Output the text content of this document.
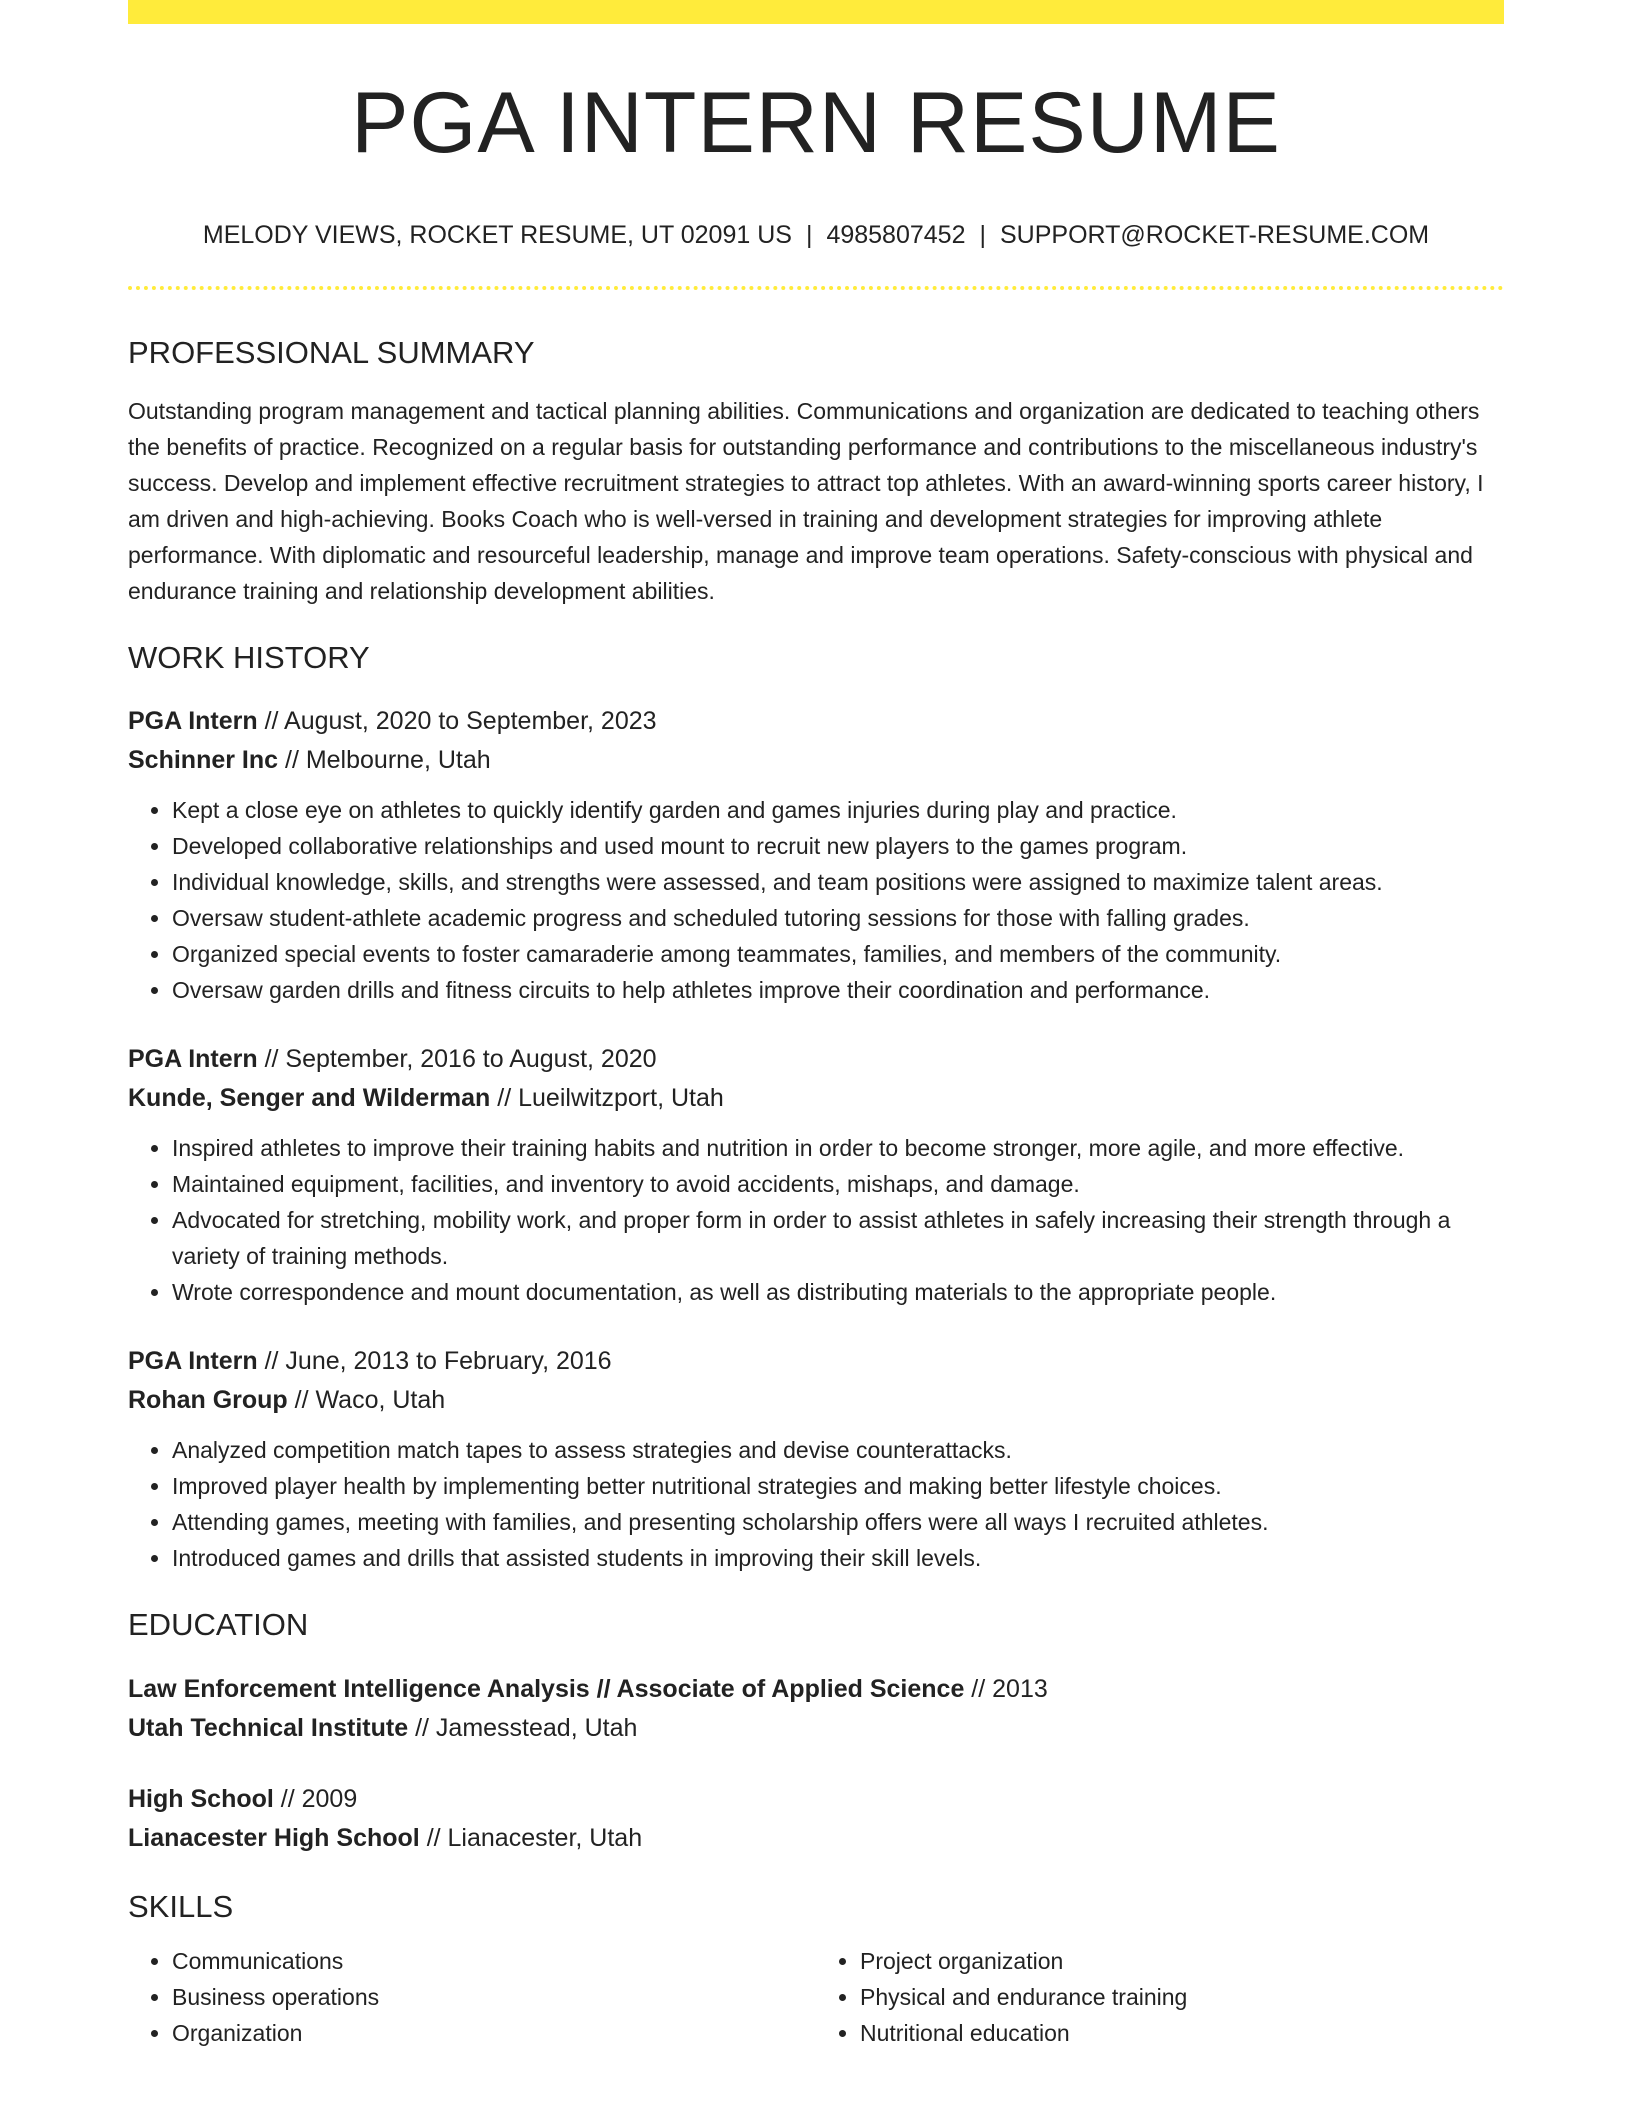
PGA INTERN RESUME
MELODY VIEWS, ROCKET RESUME, UT 02091 US | 4985807452 | SUPPORT@ROCKET-RESUME.COM
PROFESSIONAL SUMMARY

Outstanding program management and tactical planning abilities. Communications and organization are dedicated to teaching others the benefits of practice. Recognized on a regular basis for outstanding performance and contributions to the miscellaneous industry's success. Develop and implement effective recruitment strategies to attract top athletes. With an award-winning sports career history, I am driven and high-achieving. Books Coach who is well-versed in training and development strategies for improving athlete performance. With diplomatic and resourceful leadership, manage and improve team operations. Safety-conscious with physical and endurance training and relationship development abilities.

WORK HISTORY
PGA Intern // August, 2020 to September, 2023
Schinner Inc // Melbourne, Utah
• Kept a close eye on athletes to quickly identify garden and games injuries during play and practice.
• Developed collaborative relationships and used mount to recruit new players to the games program.
• Individual knowledge, skills, and strengths were assessed, and team positions were assigned to maximize talent areas.
• Oversaw student-athlete academic progress and scheduled tutoring sessions for those with falling grades.
• Organized special events to foster camaraderie among teammates, families, and members of the community.
• Oversaw garden drills and fitness circuits to help athletes improve their coordination and performance.
PGA Intern // September, 2016 to August, 2020
Kunde, Senger and Wilderman // Lueilwitzport, Utah
• Inspired athletes to improve their training habits and nutrition in order to become stronger, more agile, and more effective.
• Maintained equipment, facilities, and inventory to avoid accidents, mishaps, and damage.
• Advocated for stretching, mobility work, and proper form in order to assist athletes in safely increasing their strength through a variety of training methods.
• Wrote correspondence and mount documentation, as well as distributing materials to the appropriate people.
PGA Intern // June, 2013 to February, 2016
Rohan Group // Waco, Utah
• Analyzed competition match tapes to assess strategies and devise counterattacks.
• Improved player health by implementing better nutritional strategies and making better lifestyle choices.
• Attending games, meeting with families, and presenting scholarship offers were all ways I recruited athletes.
• Introduced games and drills that assisted students in improving their skill levels.
EDUCATION
Law Enforcement Intelligence Analysis // Associate of Applied Science // 2013
Utah Technical Institute // Jamesstead, Utah
High School // 2009
Lianacester High School // Lianacester, Utah
SKILLS
• Communications
• Business operations
• Organization
• Project organization
• Physical and endurance training
• Nutritional education
